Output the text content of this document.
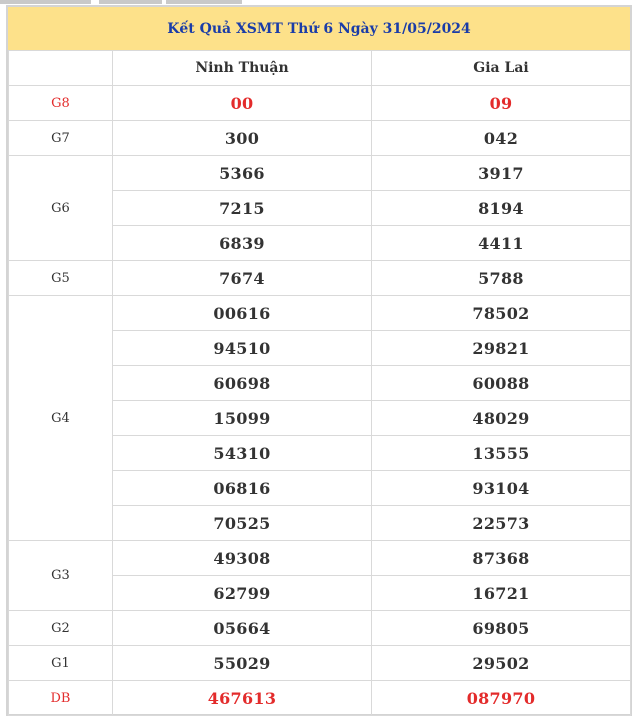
Kết Quả XSMT Thứ 6 Ngày 31/05/2024
	Ninh Thuận	Gia Lai
G8	00	09
G7	300	042
G6	5366	3917
	7215	8194
	6839	4411
G5	7674	5788
G4	00616	78502
	94510	29821
	60698	60088
	15099	48029
	54310	13555
	06816	93104
	70525	22573
G3	49308	87368
	62799	16721
G2	05664	69805
G1	55029	29502
DB	467613	087970
